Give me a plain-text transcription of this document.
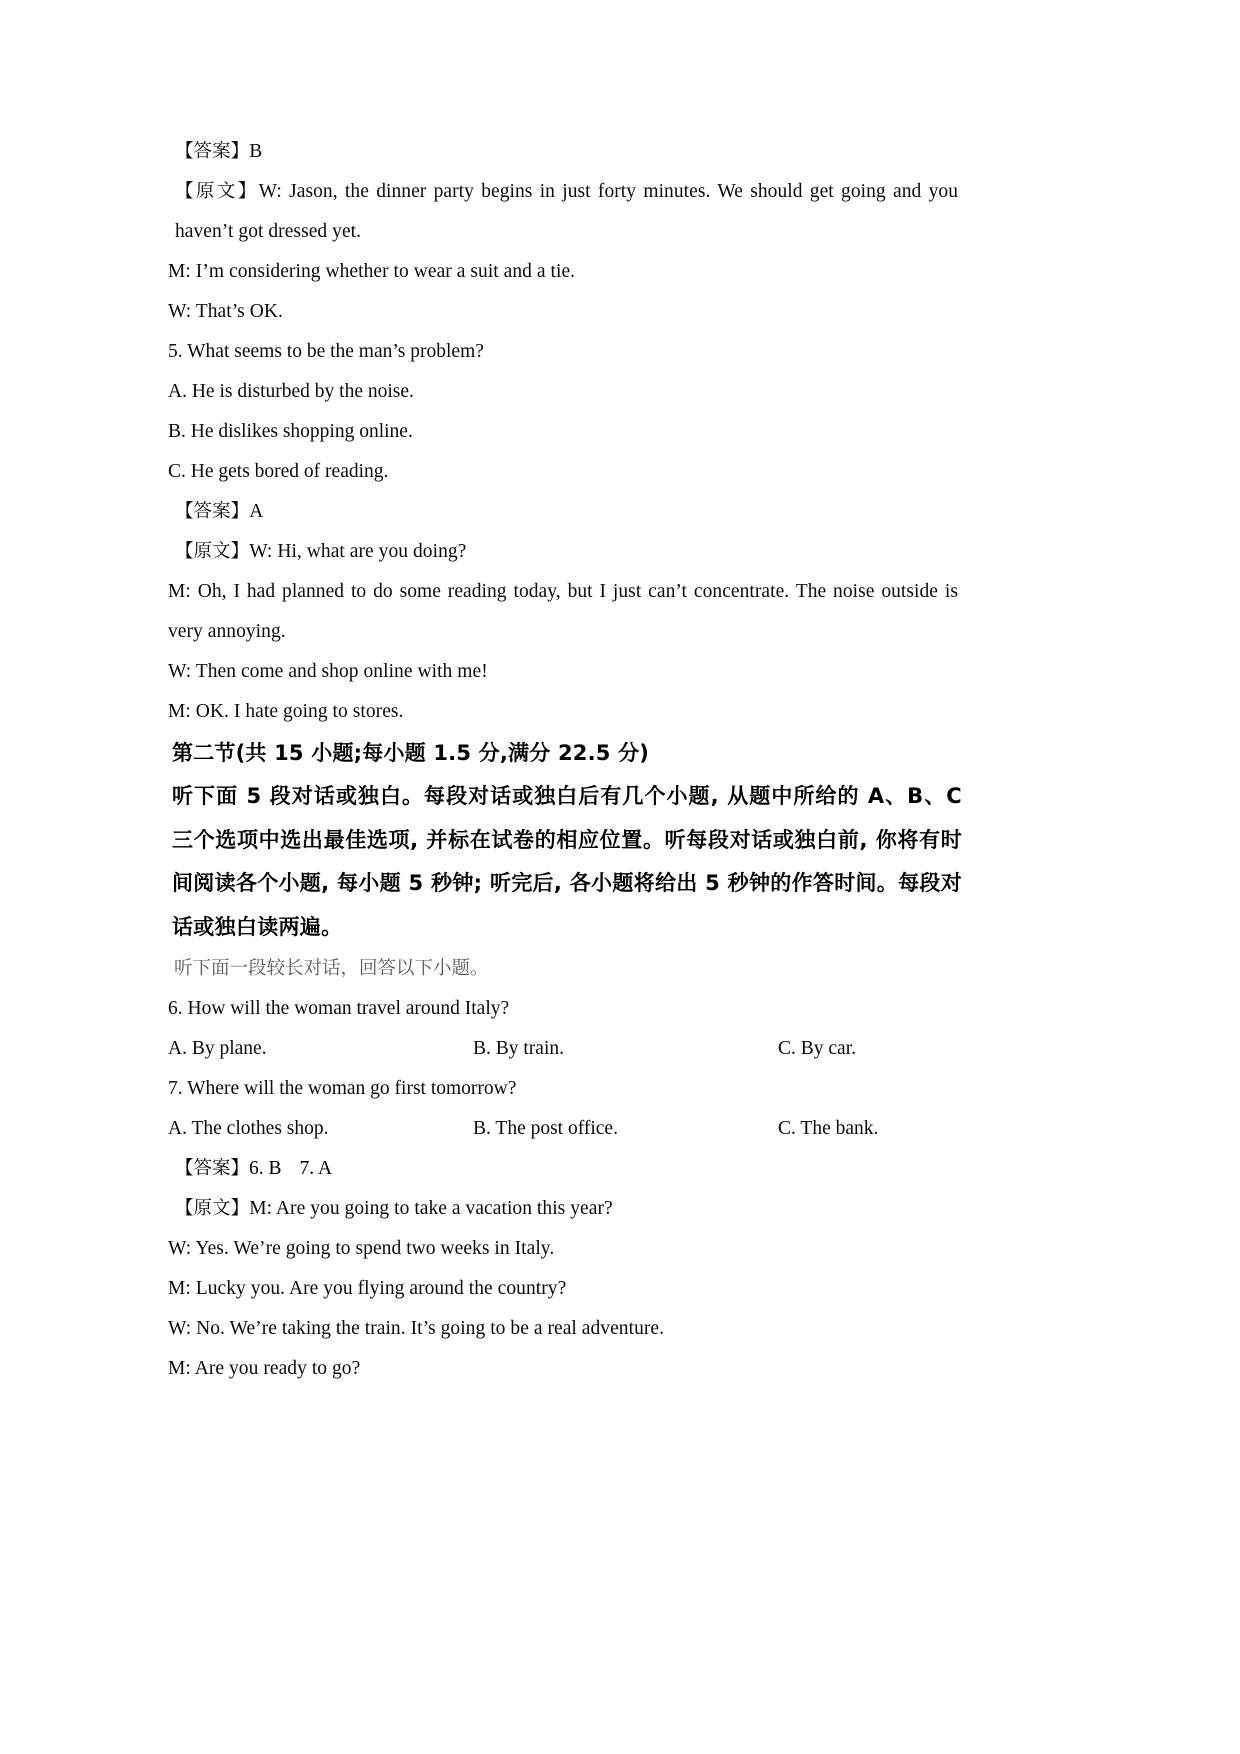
【答案】B
【原文】W: Jason, the dinner party begins in just forty minutes. We should get going and you haven’t got dressed yet.
M: I’m considering whether to wear a suit and a tie.
W: That’s OK.
5. What seems to be the man’s problem?
A. He is disturbed by the noise.
B. He dislikes shopping online.
C. He gets bored of reading.
【答案】A
【原文】W: Hi, what are you doing?
M: Oh, I had planned to do some reading today, but I just can’t concentrate. The noise outside is very annoying.
W: Then come and shop online with me!
M: OK. I hate going to stores.
第二节(共 15 小题;每小题 1.5 分,满分 22.5 分)
听下面 5 段对话或独白。每段对话或独白后有几个小题, 从题中所给的 A、B、C 三个选项中选出最佳选项, 并标在试卷的相应位置。听每段对话或独白前, 你将有时间阅读各个小题, 每小题 5 秒钟; 听完后, 各小题将给出 5 秒钟的作答时间。每段对话或独白读两遍。
听下面一段较长对话，回答以下小题。
6. How will the woman travel around Italy?
A. By plane.	B. By train.	C. By car.
7. Where will the woman go first tomorrow?
A. The clothes shop.	B. The post office.	C. The bank.
【答案】6. B 7. A
【原文】M: Are you going to take a vacation this year?
W: Yes. We’re going to spend two weeks in Italy.
M: Lucky you. Are you flying around the country?
W: No. We’re taking the train. It’s going to be a real adventure.
M: Are you ready to go?
